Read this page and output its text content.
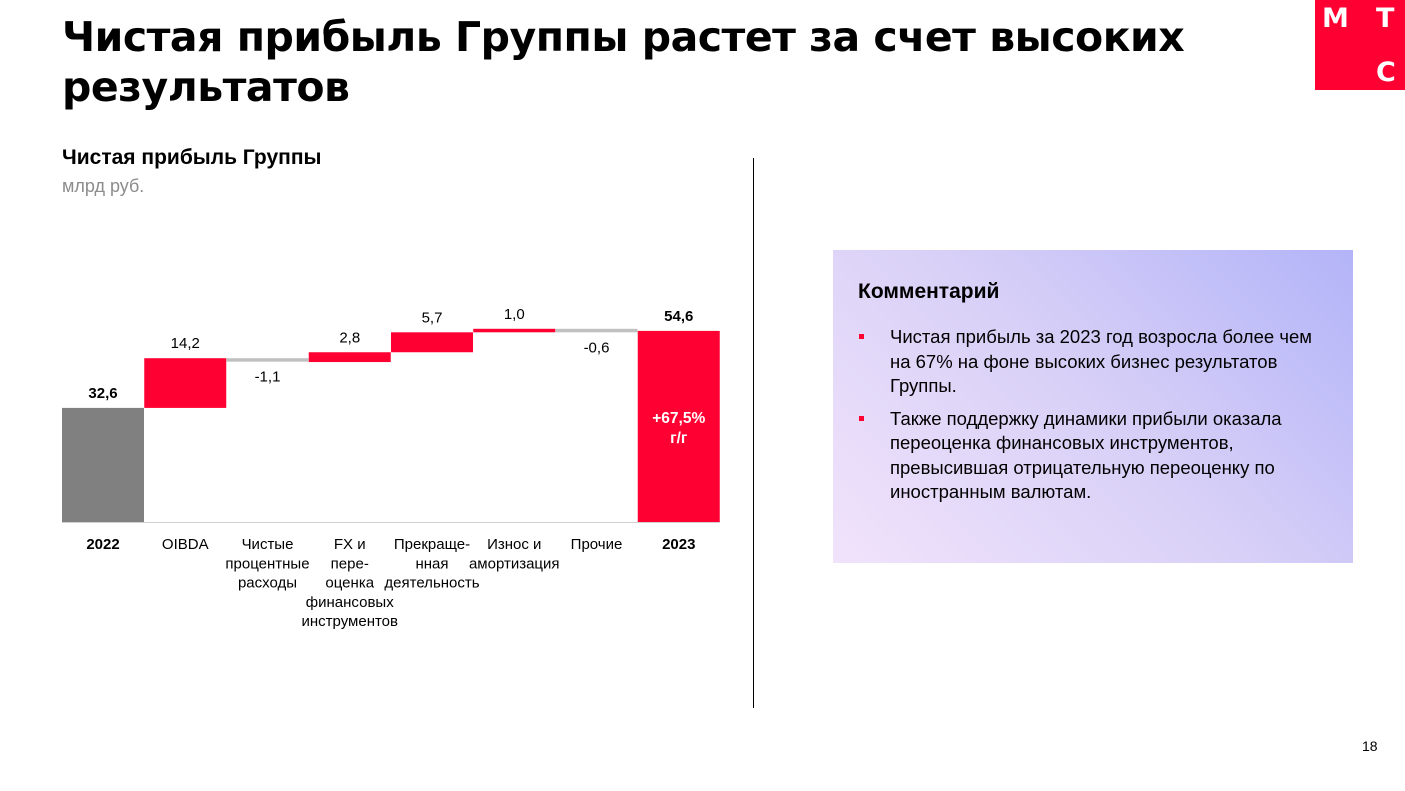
Чистая прибыль Группы растет за счет высоких результатов
М Т
С
Чистая прибыль Группы
млрд руб.
32,6
2022
14,2
OIBDA
-1,1
Чистые
процентные
расходы
2,8
FX и
пере-
оценка
финансовых
инструментов
5,7
Прекраще-
нная
деятельность
1,0
Износ и
амортизация
-0,6
Прочие
54,6
2023
+67,5%
г/г
Комментарий
Чистая прибыль за 2023 год возросла более чем на 67% на фоне высоких бизнес результатов Группы.
Также поддержку динамики прибыли оказала переоценка финансовых инструментов, превысившая отрицательную переоценку по иностранным валютам.
18
